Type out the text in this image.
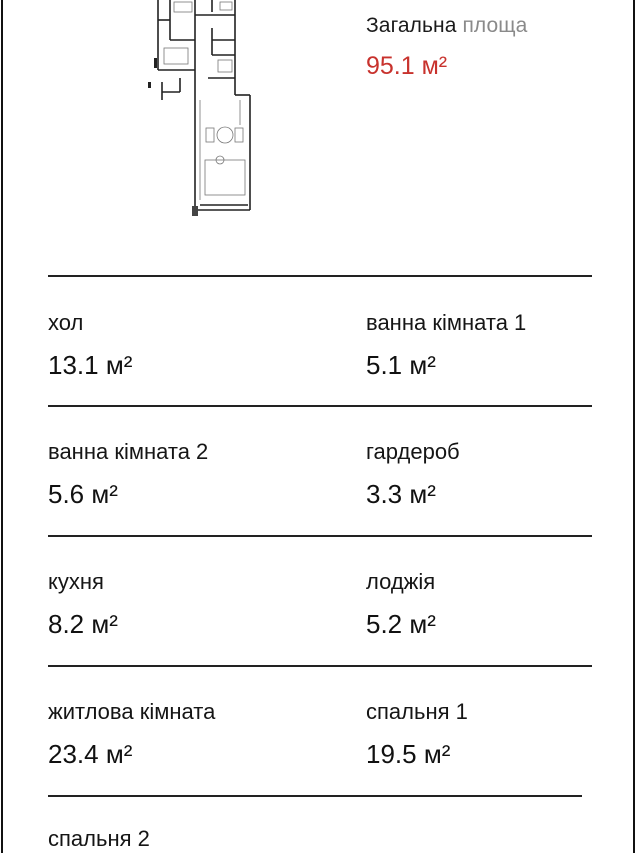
Загальна площа
95.1 м²
хол
13.1 м²
ванна кімната 1
5.1 м²
ванна кімната 2
5.6 м²
гардероб
3.3 м²
кухня
8.2 м²
лоджія
5.2 м²
житлова кімната
23.4 м²
спальня 1
19.5 м²
спальня 2
